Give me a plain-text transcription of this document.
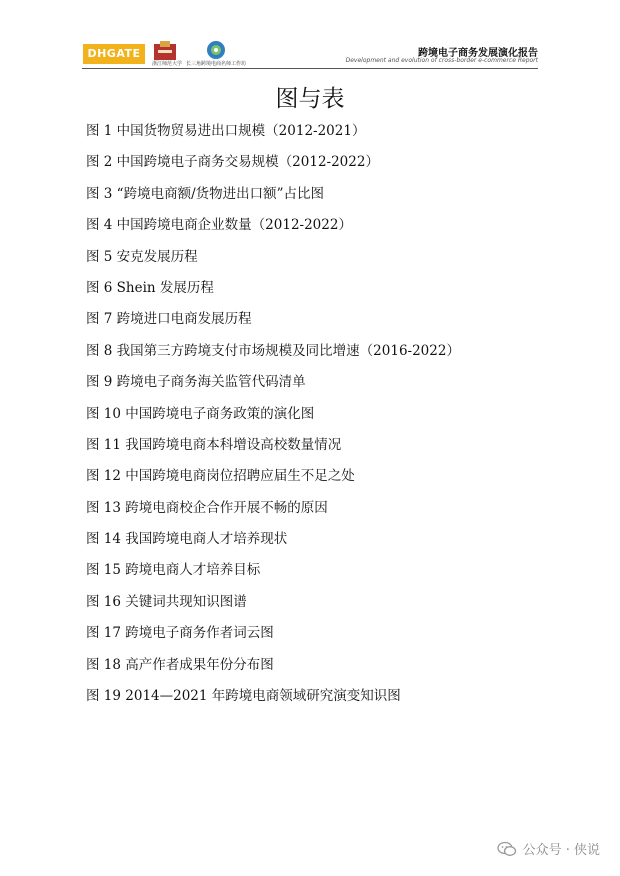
DHGATE
浙江师范大学 长三角跨境电商名师工作坊
跨境电子商务发展演化报告
Development and evolution of cross-border e-commerce Report
图与表
图 1 中国货物贸易进出口规模（2012-2021）
图 2 中国跨境电子商务交易规模（2012-2022）
图 3 “跨境电商额/货物进出口额”占比图
图 4 中国跨境电商企业数量（2012-2022）
图 5 安克发展历程
图 6 Shein 发展历程
图 7 跨境进口电商发展历程
图 8 我国第三方跨境支付市场规模及同比增速（2016-2022）
图 9 跨境电子商务海关监管代码清单
图 10 中国跨境电子商务政策的演化图
图 11 我国跨境电商本科增设高校数量情况
图 12 中国跨境电商岗位招聘应届生不足之处
图 13 跨境电商校企合作开展不畅的原因
图 14 我国跨境电商人才培养现状
图 15 跨境电商人才培养目标
图 16 关键词共现知识图谱
图 17 跨境电子商务作者词云图
图 18 高产作者成果年份分布图
图 19 2014—2021 年跨境电商领域研究演变知识图
公众号 · 侠说
